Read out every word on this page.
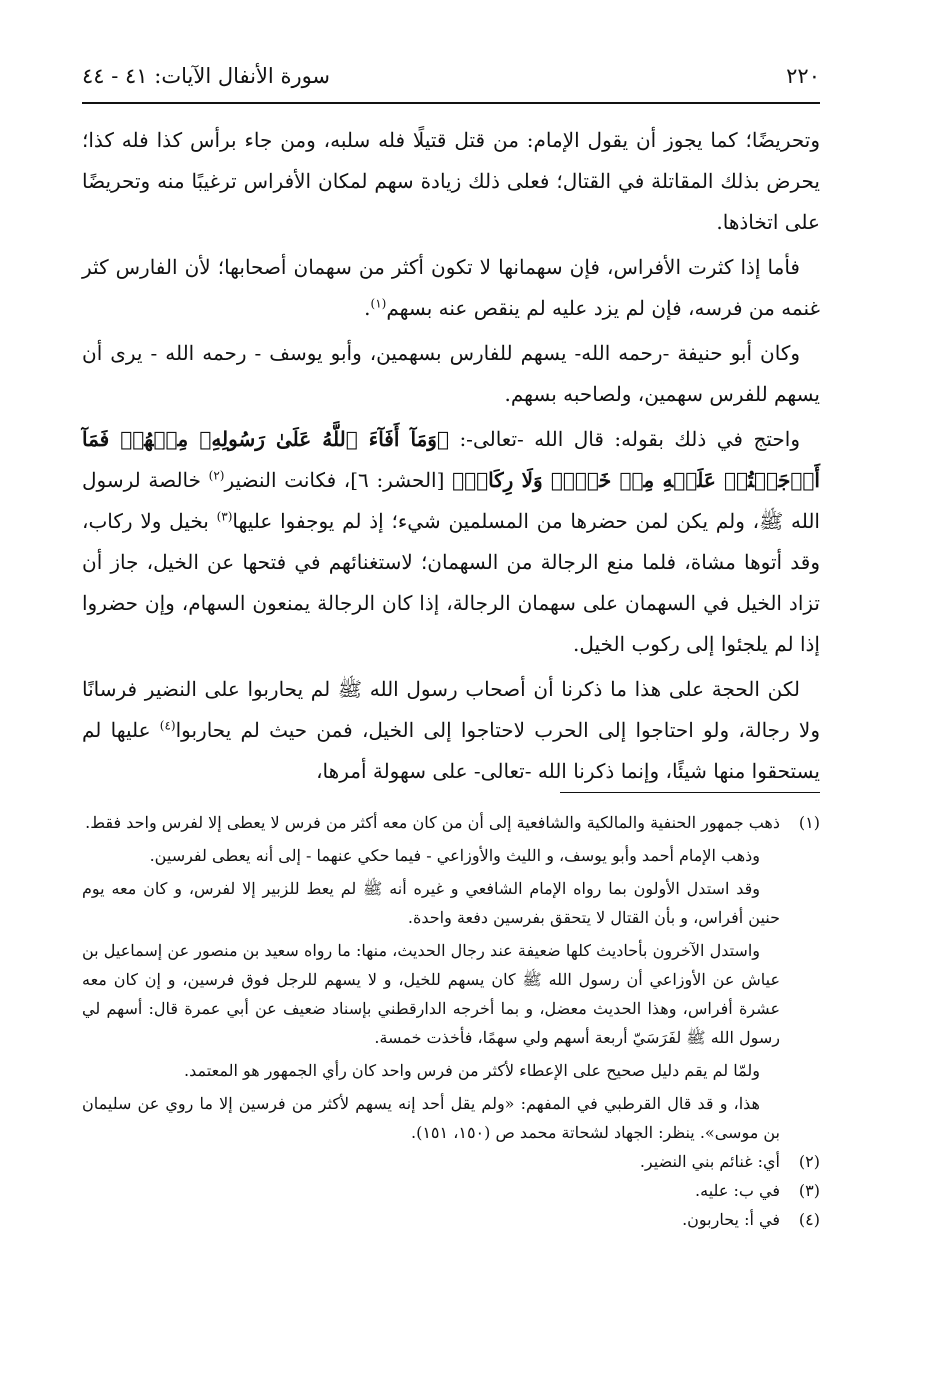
٢٢٠
سورة الأنفال الآيات: ٤١ - ٤٤

وتحريضًا؛ كما يجوز أن يقول الإمام: من قتل قتيلًا فله سلبه، ومن جاء برأس كذا فله كذا؛ يحرض بذلك المقاتلة في القتال؛ فعلى ذلك زيادة سهم لمكان الأفراس ترغيبًا منه وتحريضًا على اتخاذها.

فأما إذا كثرت الأفراس، فإن سهمانها لا تكون أكثر من سهمان أصحابها؛ لأن الفارس كثر غنمه من فرسه، فإن لم يزد عليه لم ينقص عنه بسهم$^{(١)}$.

وكان أبو حنيفة -رحمه الله- يسهم للفارس بسهمين، وأبو يوسف - رحمه الله - يرى أن يسهم للفرس سهمين، ولصاحبه بسهم.

واحتج في ذلك بقوله: قال الله -تعالى-: ﴿وَمَآ أَفَآءَ ٱللَّهُ عَلَىٰ رَسُولِهِۦ مِنۡهُمۡ فَمَآ أَوۡجَفۡتُمۡ عَلَيۡهِ مِنۡ خَيۡلٖ وَلَا رِكَابٖ﴾ [الحشر: ٦]، فكانت النضير$^{(٢)}$ خالصة لرسول الله ﷺ، ولم يكن لمن حضرها من المسلمين شيء؛ إذ لم يوجفوا عليها$^{(٣)}$ بخيل ولا ركاب، وقد أتوها مشاة، فلما منع الرجالة من السهمان؛ لاستغنائهم في فتحها عن الخيل، جاز أن تزاد الخيل في السهمان على سهمان الرجالة، إذا كان الرجالة يمنعون السهام، وإن حضروا إذا لم يلجئوا إلى ركوب الخيل.

لكن الحجة على هذا ما ذكرنا أن أصحاب رسول الله ﷺ لم يحاربوا على النضير فرسانًا ولا رجالة، ولو احتاجوا إلى الحرب لاحتاجوا إلى الخيل، فمن حيث لم يحاربوا$^{(٤)}$ عليها لم يستحقوا منها شيئًا، وإنما ذكرنا الله -تعالى- على سهولة أمرها،

(١)
ذهب جمهور الحنفية والمالكية والشافعية إلى أن من كان معه أكثر من فرس لا يعطى إلا لفرس واحد فقط.
وذهب الإمام أحمد وأبو يوسف، و الليث والأوزاعي - فيما حكي عنهما - إلى أنه يعطى لفرسين.
وقد استدل الأولون بما رواه الإمام الشافعي و غيره أنه ﷺ لم يعط للزبير إلا لفرس، و كان معه يوم حنين أفراس، و بأن القتال لا يتحقق بفرسين دفعة واحدة.
واستدل الآخرون بأحاديث كلها ضعيفة عند رجال الحديث، منها: ما رواه سعيد بن منصور عن إسماعيل بن عياش عن الأوزاعي أن رسول الله ﷺ كان يسهم للخيل، و لا يسهم للرجل فوق فرسين، و إن كان معه عشرة أفراس، وهذا الحديث معضل، و بما أخرجه الدارقطني بإسناد ضعيف عن أبي عمرة قال: أسهم لي رسول الله ﷺ لفَرَسَيّ أربعة أسهم ولي سهمًا، فأخذت خمسة.
ولمّا لم يقم دليل صحيح على الإعطاء لأكثر من فرس واحد كان رأي الجمهور هو المعتمد.
هذا، و قد قال القرطبي في المفهم: «ولم يقل أحد إنه يسهم لأكثر من فرسين إلا ما روي عن سليمان بن موسى». ينظر: الجهاد لشحاتة محمد ص (١٥٠، ١٥١).
(٢)
أي: غنائم بني النضير.
(٣)
في ب: عليه.
(٤)
في أ: يحاربون.
